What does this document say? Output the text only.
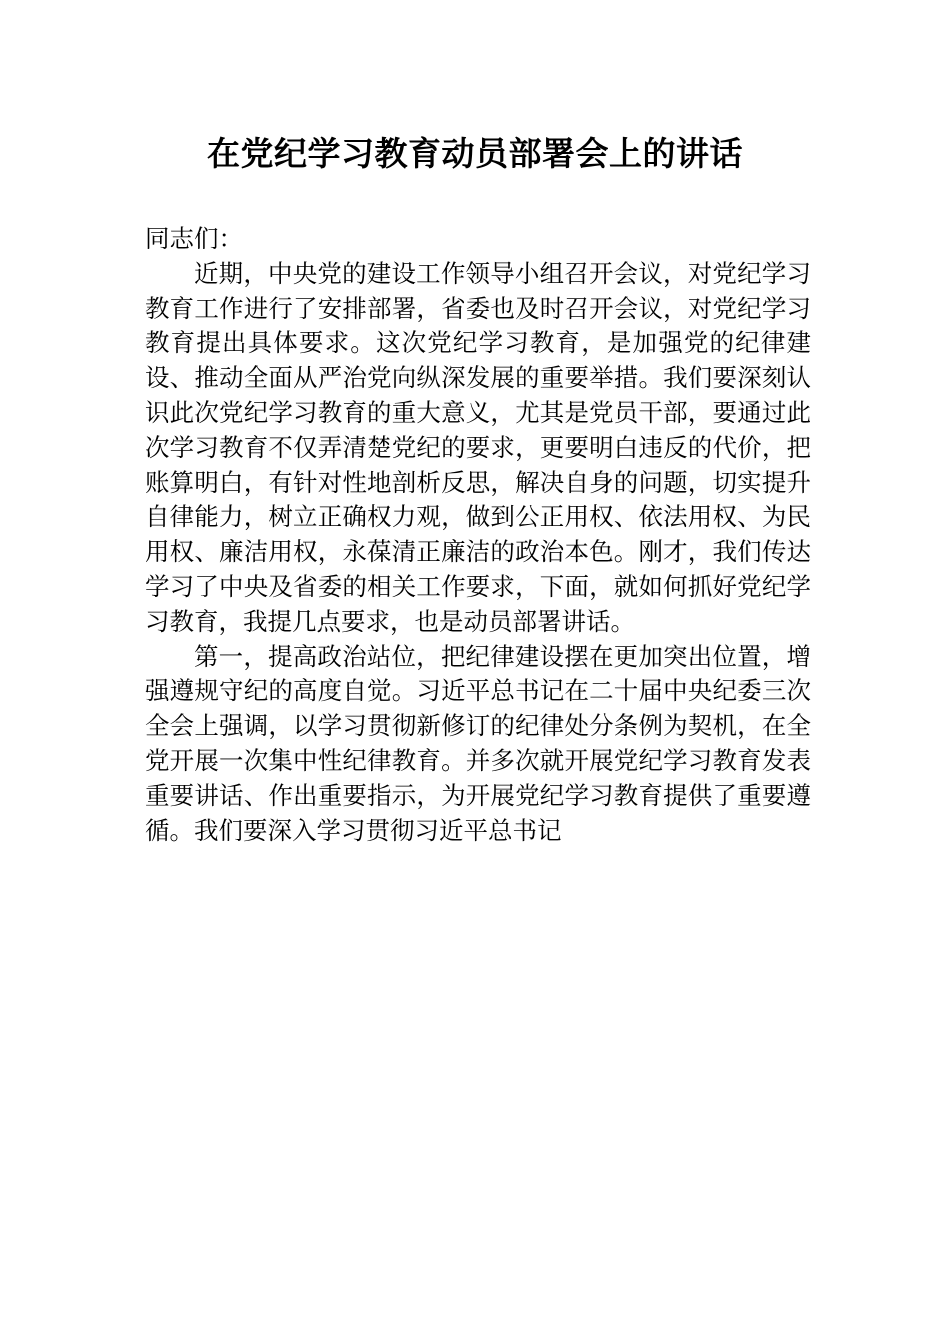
在党纪学习教育动员部署会上的讲话

同志们：

近期，中央党的建设工作领导小组召开会议，对党纪学习教育工作进行了安排部署，省委也及时召开会议，对党纪学习教育提出具体要求。这次党纪学习教育，是加强党的纪律建设、推动全面从严治党向纵深发展的重要举措。我们要深刻认识此次党纪学习教育的重大意义，尤其是党员干部，要通过此次学习教育不仅弄清楚党纪的要求，更要明白违反的代价，把账算明白，有针对性地剖析反思，解决自身的问题，切实提升自律能力，树立正确权力观，做到公正用权、依法用权、为民用权、廉洁用权，永葆清正廉洁的政治本色。刚才，我们传达学习了中央及省委的相关工作要求，下面，就如何抓好党纪学习教育，我提几点要求，也是动员部署讲话。

第一，提高政治站位，把纪律建设摆在更加突出位置，增强遵规守纪的高度自觉。习近平总书记在二十届中央纪委三次全会上强调，以学习贯彻新修订的纪律处分条例为契机，在全党开展一次集中性纪律教育。并多次就开展党纪学习教育发表重要讲话、作出重要指示，为开展党纪学习教育提供了重要遵循。我们要深入学习贯彻习近平总书记
